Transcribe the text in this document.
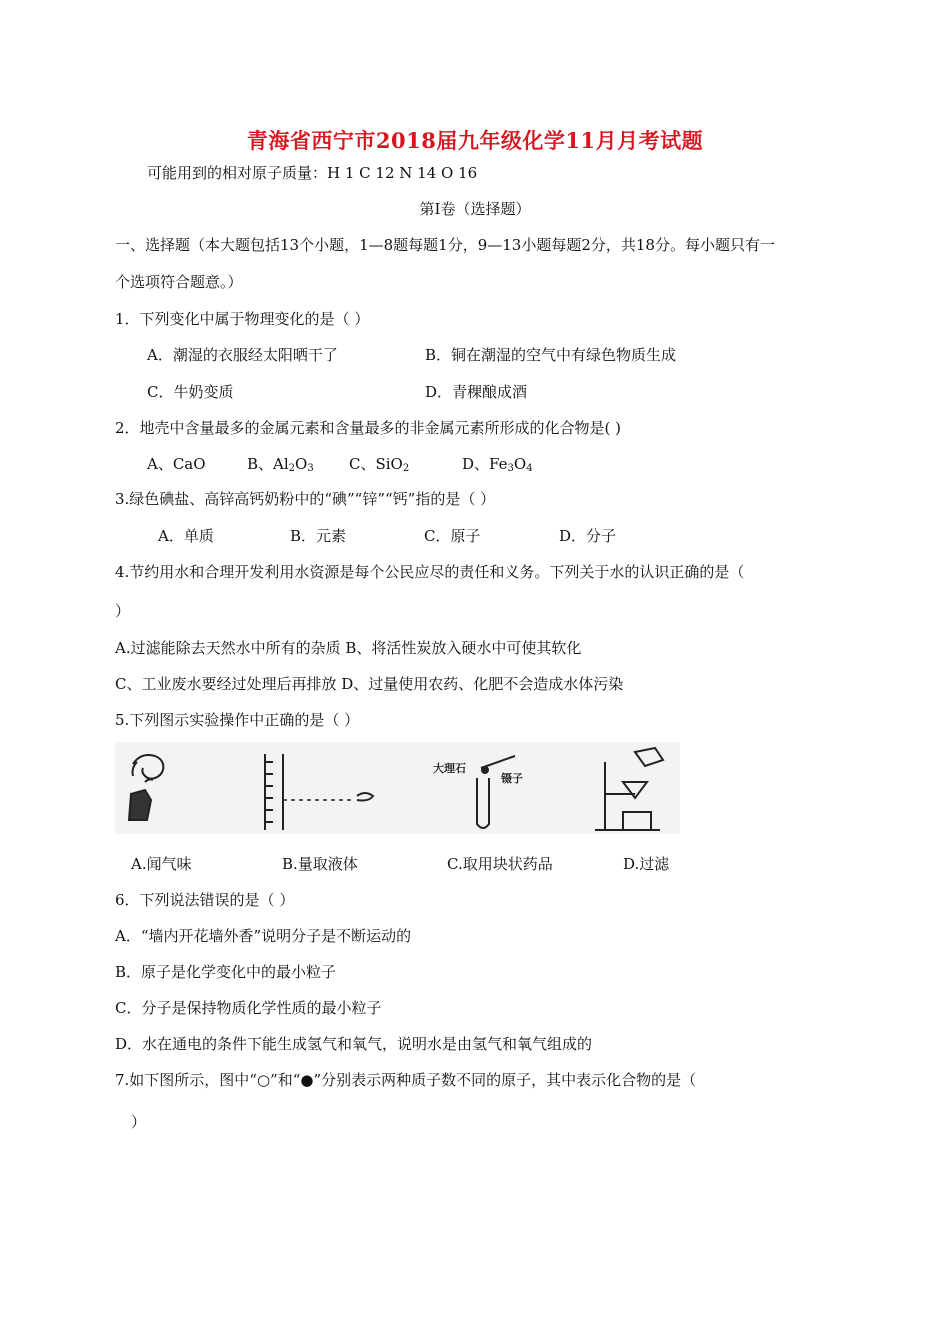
青海省西宁市2018届九年级化学11月月考试题
可能用到的相对原子质量：H 1 C 12 N 14 O 16
第Ⅰ卷（选择题）
一、选择题（本大题包括13个小题，1—8题每题1分，9—13小题每题2分，共18分。每小题只有一
个选项符合题意。）
1．下列变化中属于物理变化的是（ ）
A．潮湿的衣服经太阳晒干了	B．铜在潮湿的空气中有绿色物质生成
C．牛奶变质	D．青稞酿成酒
2．地壳中含量最多的金属元素和含量最多的非金属元素所形成的化合物是( )
A、CaO	B、$Al_2O_3$ C、SiO$_2$	D、$Fe_3O_4$
3.绿色碘盐、高锌高钙奶粉中的“碘”“锌”“钙”指的是（ ）
A．单质	B．元素	C．原子	D．分子
4.节约用水和合理开发利用水资源是每个公民应尽的责任和义务。下列关于水的认识正确的是（
）
A.过滤能除去天然水中所有的杂质 B、将活性炭放入硬水中可使其软化
C、工业废水要经过处理后再排放 D、过量使用农药、化肥不会造成水体污染
5.下列图示实验操作中正确的是（ ）
大理石
镊子
A.闻气味	B.量取液体	C.取用块状药品	D.过滤
6．下列说法错误的是（ ）
A．“墙内开花墙外香”说明分子是不断运动的
B．原子是化学变化中的最小粒子
C．分子是保持物质化学性质的最小粒子
D．水在通电的条件下能生成氢气和氧气，说明水是由氢气和氧气组成的
7.如下图所示，图中“○”和“●”分别表示两种质子数不同的原子，其中表示化合物的是（
）
